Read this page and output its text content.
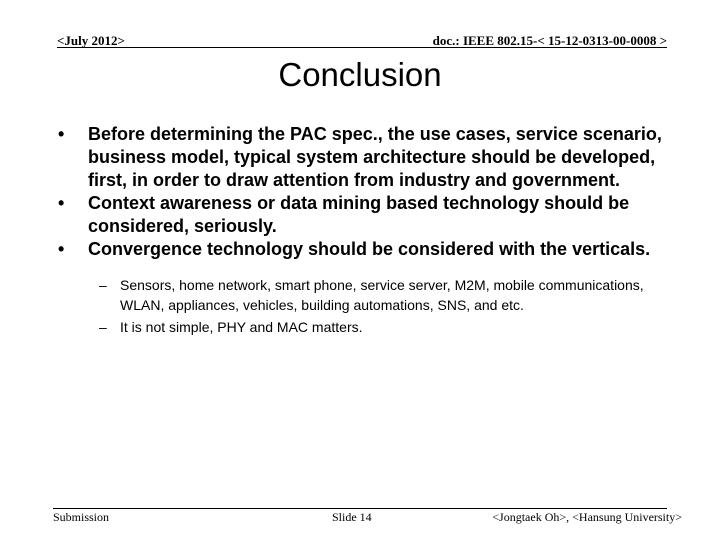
<July 2012>	doc.: IEEE 802.15-< 15-12-0313-00-0008 >
Conclusion
• Before determining the PAC spec., the use cases, service scenario, business model, typical system architecture should be developed, first, in order to draw attention from industry and government.
• Context awareness or data mining based technology should be considered, seriously.
• Convergence technology should be considered with the verticals.
– Sensors, home network, smart phone, service server, M2M, mobile communications, WLAN, appliances, vehicles, building automations, SNS, and etc.
– It is not simple, PHY and MAC matters.
Submission	Slide 14	<Jongtaek Oh>, <Hansung University>
